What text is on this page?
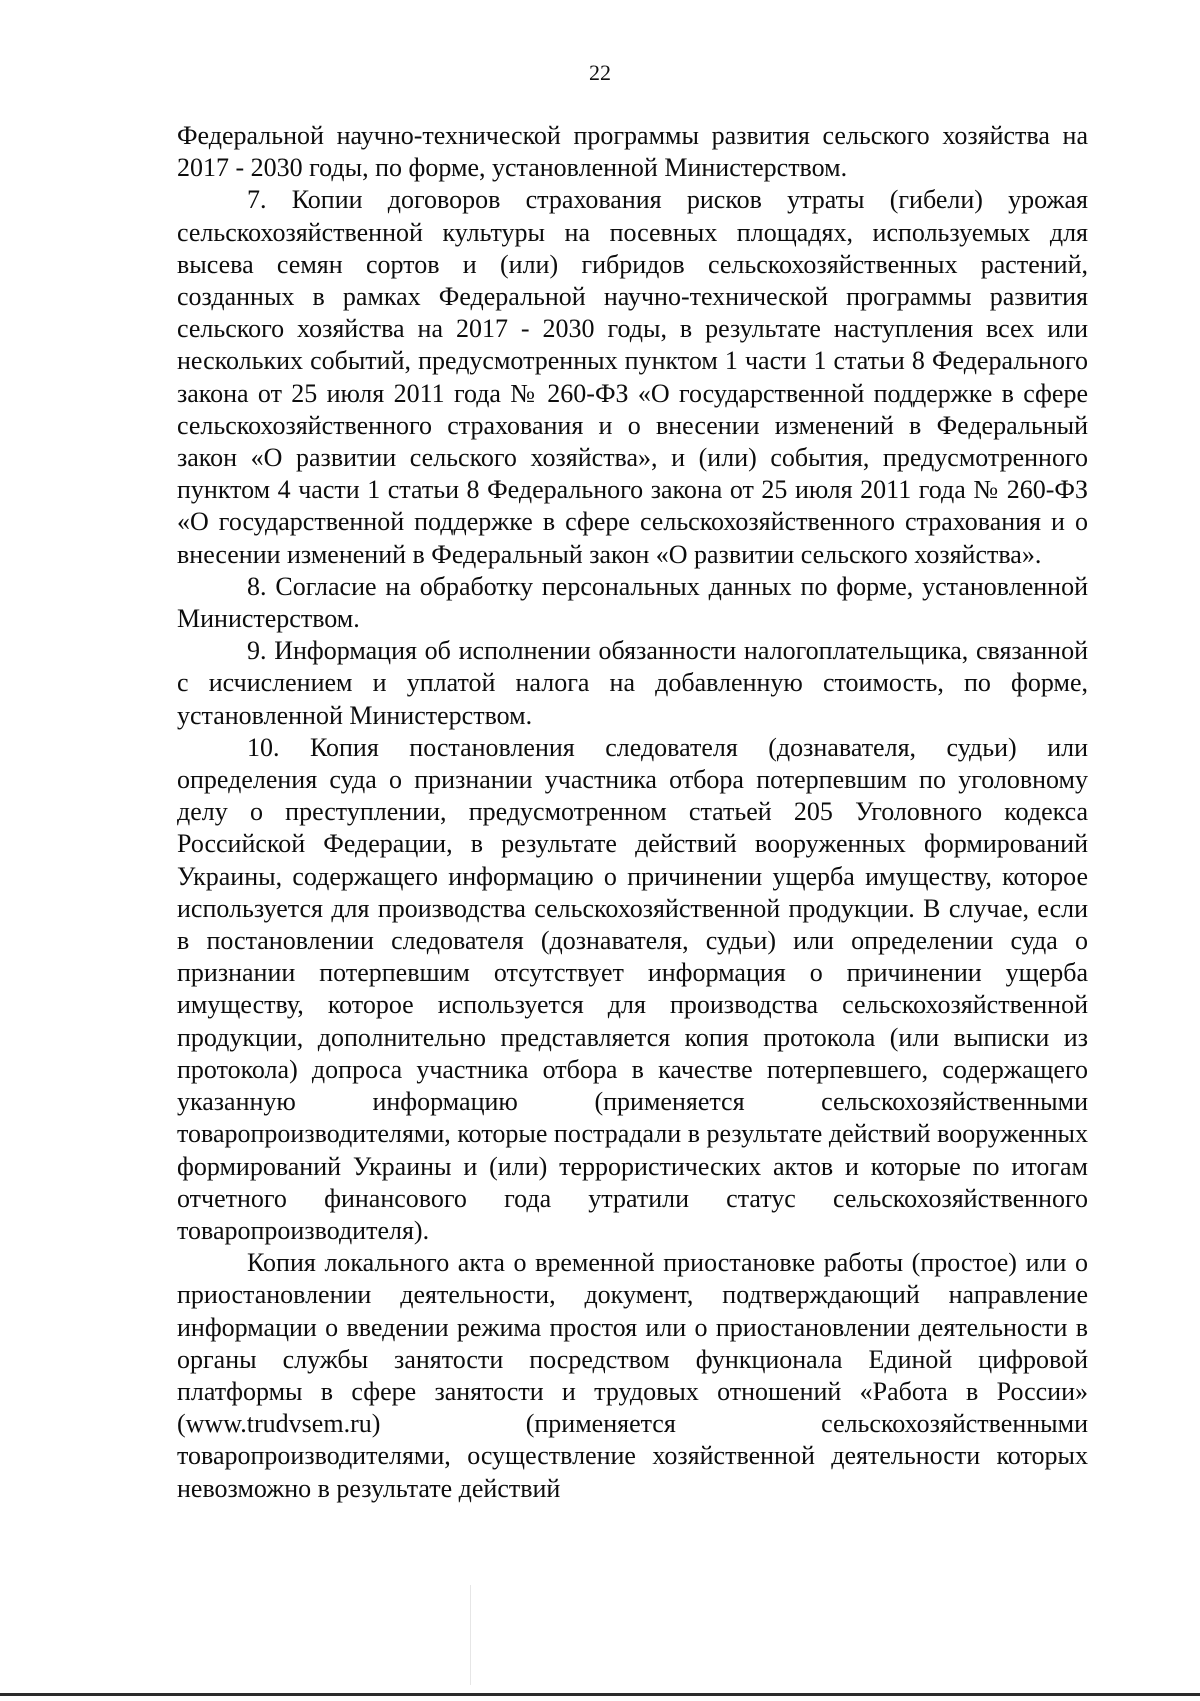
22

Федеральной научно-технической программы развития сельского хозяйства на 2017 - 2030 годы, по форме, установленной Министерством.

7. Копии договоров страхования рисков утраты (гибели) урожая сельскохозяйственной культуры на посевных площадях, используемых для высева семян сортов и (или) гибридов сельскохозяйственных растений, созданных в рамках Федеральной научно-технической программы развития сельского хозяйства на 2017 - 2030 годы, в результате наступления всех или нескольких событий, предусмотренных пунктом 1 части 1 статьи 8 Федерального закона от 25 июля 2011 года № 260-ФЗ «О государственной поддержке в сфере сельскохозяйственного страхования и о внесении изменений в Федеральный закон «О развитии сельского хозяйства», и (или) события, предусмотренного пунктом 4 части 1 статьи 8 Федерального закона от 25 июля 2011 года № 260-ФЗ «О государственной поддержке в сфере сельскохозяйственного страхования и о внесении изменений в Федеральный закон «О развитии сельского хозяйства».

8. Согласие на обработку персональных данных по форме, установленной Министерством.

9. Информация об исполнении обязанности налогоплательщика, связанной с исчислением и уплатой налога на добавленную стоимость, по форме, установленной Министерством.

10. Копия постановления следователя (дознавателя, судьи) или определения суда о признании участника отбора потерпевшим по уголовному делу о преступлении, предусмотренном статьей 205 Уголовного кодекса Российской Федерации, в результате действий вооруженных формирований Украины, содержащего информацию о причинении ущерба имуществу, которое используется для производства сельскохозяйственной продукции. В случае, если в постановлении следователя (дознавателя, судьи) или определении суда о признании потерпевшим отсутствует информация о причинении ущерба имуществу, которое используется для производства сельскохозяйственной продукции, дополнительно представляется копия протокола (или выписки из протокола) допроса участника отбора в качестве потерпевшего, содержащего указанную информацию (применяется сельскохозяйственными товаропроизводителями, которые пострадали в результате действий вооруженных формирований Украины и (или) террористических актов и которые по итогам отчетного финансового года утратили статус сельскохозяйственного товаропроизводителя).

Копия локального акта о временной приостановке работы (простое) или о приостановлении деятельности, документ, подтверждающий направление информации о введении режима простоя или о приостановлении деятельности в органы службы занятости посредством функционала Единой цифровой платформы в сфере занятости и трудовых отношений «Работа в России» (www.trudvsem.ru) (применяется сельскохозяйственными товаропроизводителями, осуществление хозяйственной деятельности которых невозможно в результате действий
